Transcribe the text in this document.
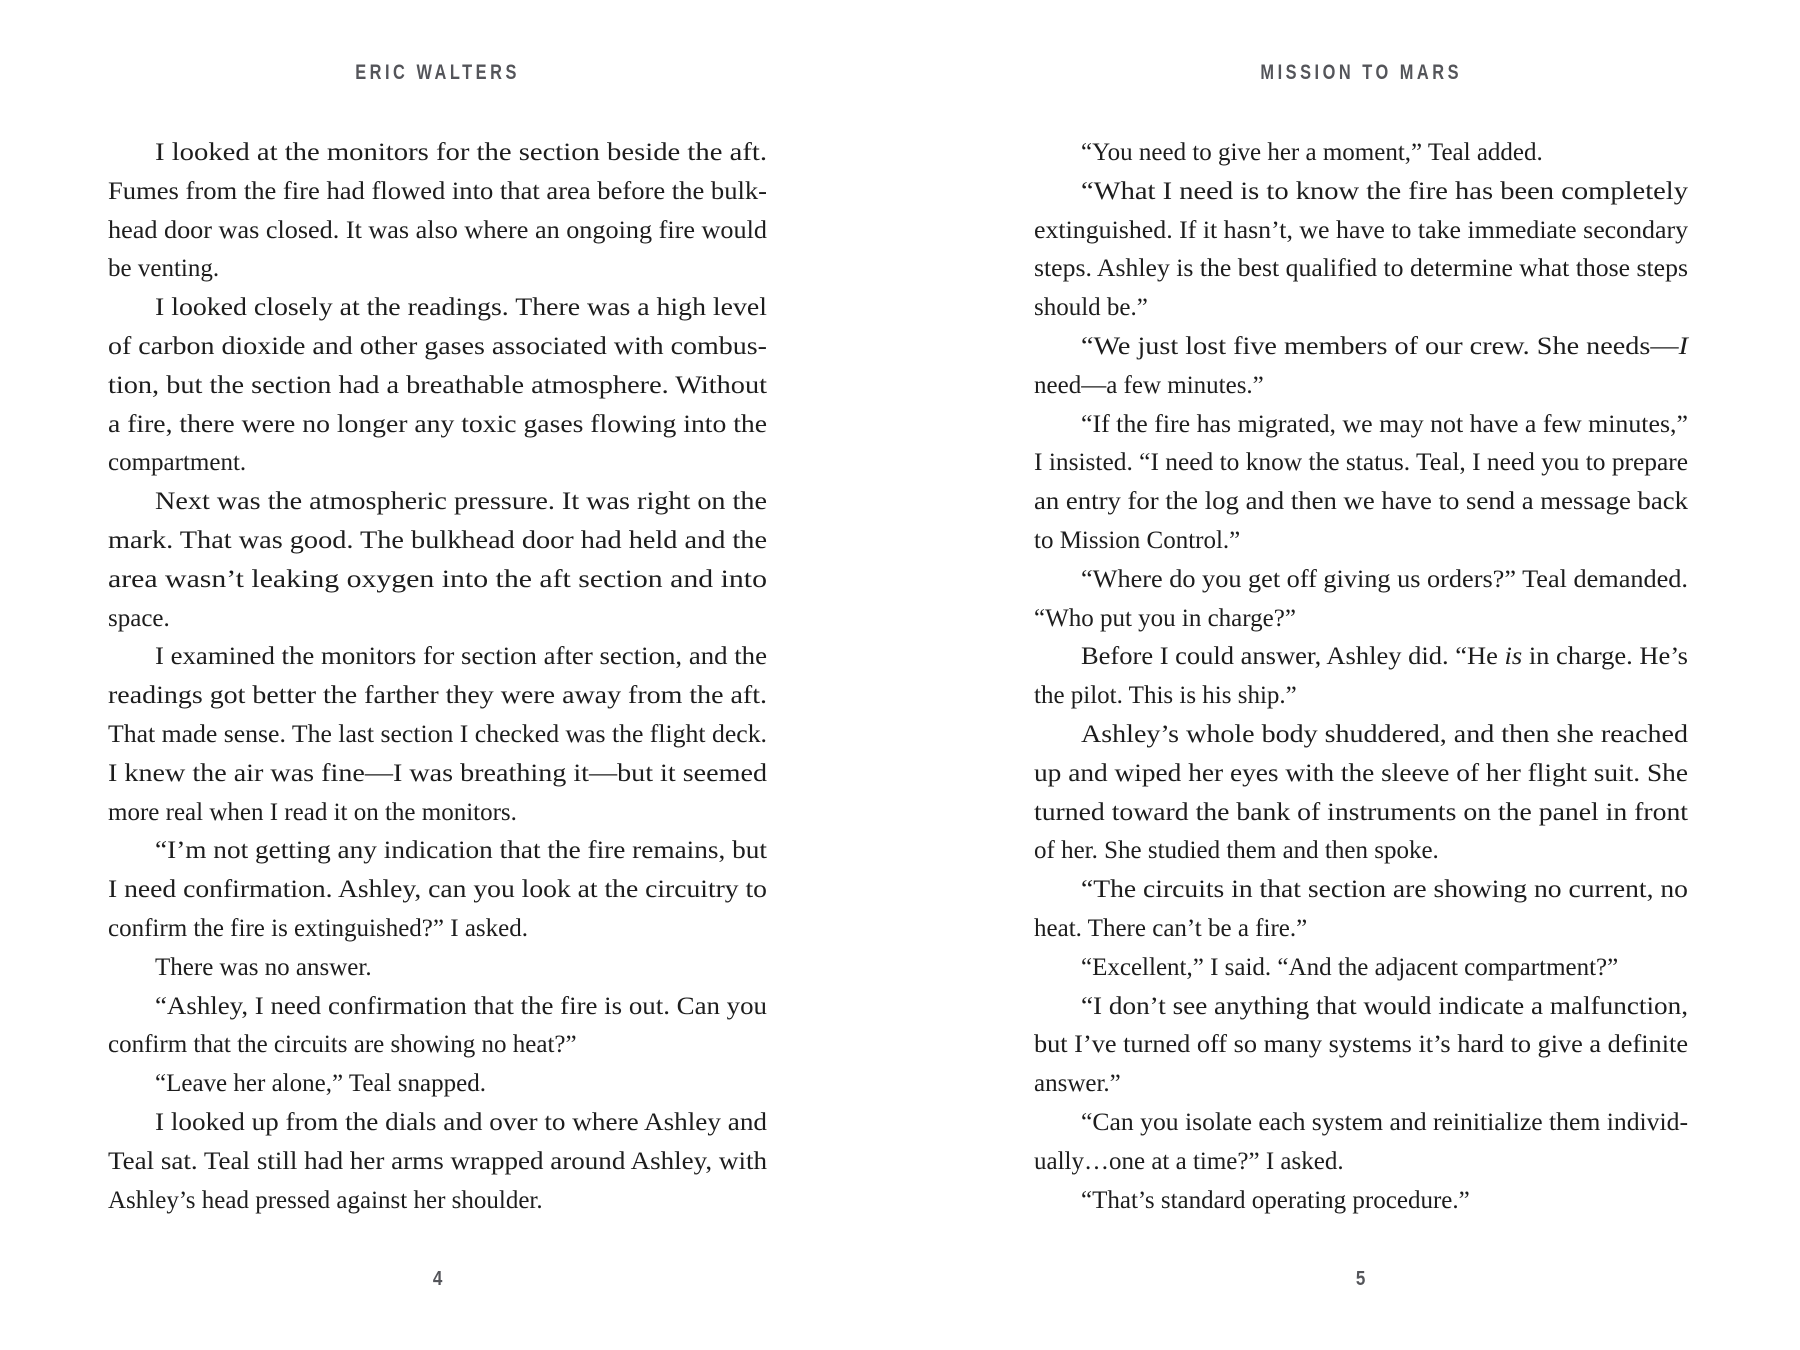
ERIC WALTERS
I looked at the monitors for the section beside the aft.
Fumes from the fire had flowed into that area before the bulk-
head door was closed. It was also where an ongoing fire would
be venting.
I looked closely at the readings. There was a high level
of carbon dioxide and other gases associated with combus-
tion, but the section had a breathable atmosphere. Without
a fire, there were no longer any toxic gases flowing into the
compartment.
Next was the atmospheric pressure. It was right on the
mark. That was good. The bulkhead door had held and the
area wasn’t leaking oxygen into the aft section and into
space.
I examined the monitors for section after section, and the
readings got better the farther they were away from the aft.
That made sense. The last section I checked was the flight deck.
I knew the air was fine—I was breathing it—but it seemed
more real when I read it on the monitors.
“I’m not getting any indication that the fire remains, but
I need confirmation. Ashley, can you look at the circuitry to
confirm the fire is extinguished?” I asked.
There was no answer.
“Ashley, I need confirmation that the fire is out. Can you
confirm that the circuits are showing no heat?”
“Leave her alone,” Teal snapped.
I looked up from the dials and over to where Ashley and
Teal sat. Teal still had her arms wrapped around Ashley, with
Ashley’s head pressed against her shoulder.
4
MISSION TO MARS
“You need to give her a moment,” Teal added.
“What I need is to know the fire has been completely
extinguished. If it hasn’t, we have to take immediate secondary
steps. Ashley is the best qualified to determine what those steps
should be.”
“We just lost five members of our crew. She needs—I
need—a few minutes.”
“If the fire has migrated, we may not have a few minutes,”
I insisted. “I need to know the status. Teal, I need you to prepare
an entry for the log and then we have to send a message back
to Mission Control.”
“Where do you get off giving us orders?” Teal demanded.
“Who put you in charge?”
Before I could answer, Ashley did. “He is in charge. He’s
the pilot. This is his ship.”
Ashley’s whole body shuddered, and then she reached
up and wiped her eyes with the sleeve of her flight suit. She
turned toward the bank of instruments on the panel in front
of her. She studied them and then spoke.
“The circuits in that section are showing no current, no
heat. There can’t be a fire.”
“Excellent,” I said. “And the adjacent compartment?”
“I don’t see anything that would indicate a malfunction,
but I’ve turned off so many systems it’s hard to give a definite
answer.”
“Can you isolate each system and reinitialize them individ-
ually…one at a time?” I asked.
“That’s standard operating procedure.”
5
